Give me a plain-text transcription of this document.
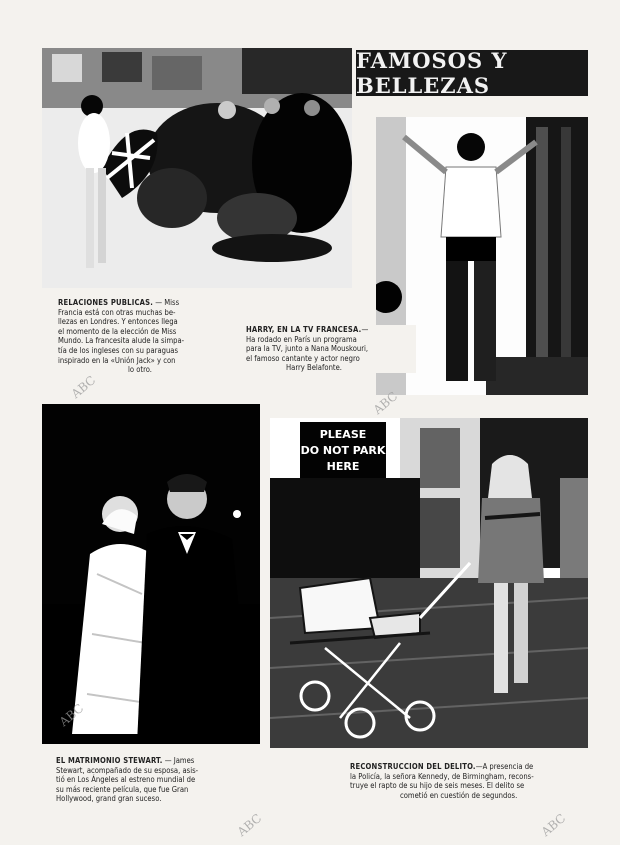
FAMOSOS Y BELLEZAS
RELACIONES PUBLICAS. — Miss
Francia está con otras muchas be-
llezas en Londres. Y entonces llega
el momento de la elección de Miss
Mundo. La francesita alude la simpa-
tía de los ingleses con su paraguas
inspirado en la «Unión Jack» y con
lo otro.
HARRY, EN LA TV FRANCESA.—
Ha rodado en París un programa
para la TV, junto a Nana Mouskouri,
el famoso cantante y actor negro
Harry Belafonte.
PLEASE
DO NOT PARK
HERE
EL MATRIMONIO STEWART. — James
Stewart, acompañado de su esposa, asis-
tió en Los Ángeles al estreno mundial de
su más reciente película, que fue Gran
Hollywood, grand gran suceso.
RECONSTRUCCION DEL DELITO.—A presencia de
la Policía, la señora Kennedy, de Birmingham, recons-
truye el rapto de su hijo de seis meses. El delito se
cometió en cuestión de segundos.
ABC
ABC
ABC
ABC	ABC
